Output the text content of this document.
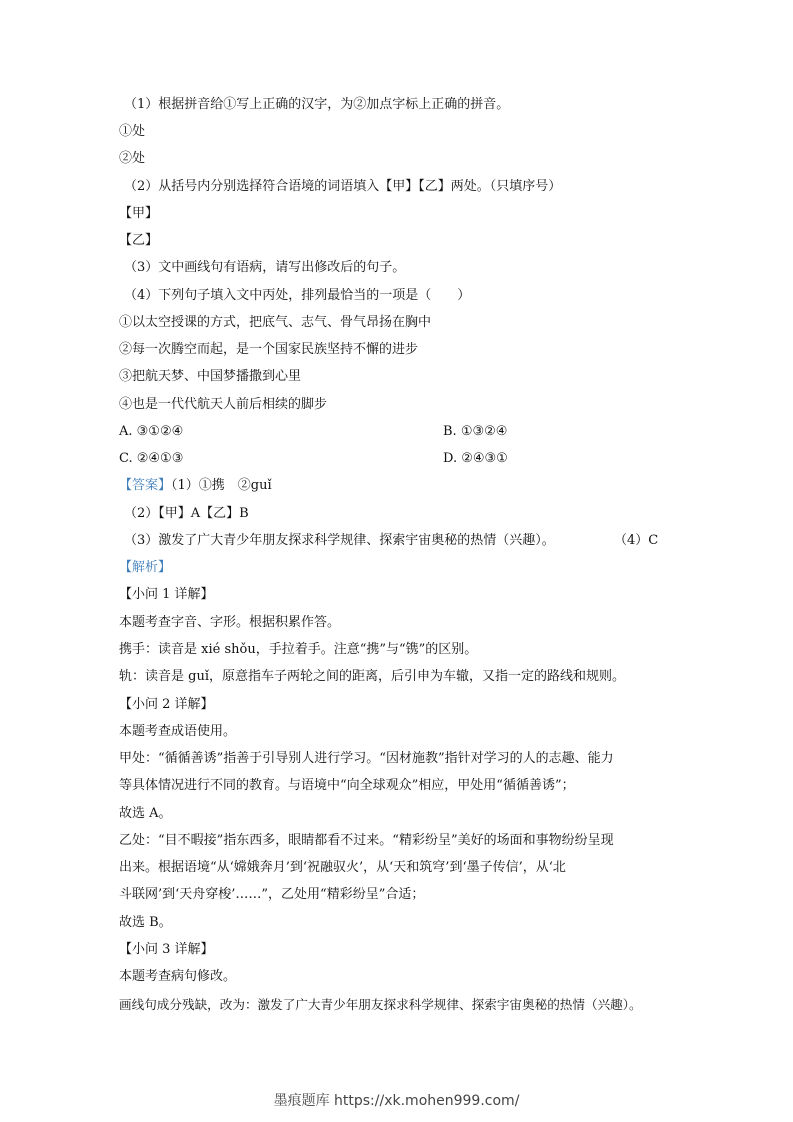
（1）根据拼音给①写上正确的汉字，为②加点字标上正确的拼音。
①处
②处
（2）从括号内分别选择符合语境的词语填入【甲】【乙】两处。（只填序号）
【甲】
【乙】
（3）文中画线句有语病，请写出修改后的句子。
（4）下列句子填入文中丙处，排列最恰当的一项是（　　）
①以太空授课的方式，把底气、志气、骨气昂扬在胸中
②每一次腾空而起，是一个国家民族坚持不懈的进步
③把航天梦、中国梦播撒到心里
④也是一代代航天人前后相续的脚步
A. ③①②④	B. ①③②④
C. ②④①③	D. ②④③①
【答案】（1）①携　②guǐ
（2）【甲】A【乙】B
（3）激发了广大青少年朋友探求科学规律、探索宇宙奥秘的热情（兴趣）。	（4）C
【解析】
【小问 1 详解】
本题考查字音、字形。根据积累作答。
携手：读音是 xié shǒu，手拉着手。注意“携”与“镌”的区别。
轨：读音是 guǐ，原意指车子两轮之间的距离，后引申为车辙，又指一定的路线和规则。
【小问 2 详解】
本题考查成语使用。
甲处：“循循善诱”指善于引导别人进行学习。“因材施教”指针对学习的人的志趣、能力
等具体情况进行不同的教育。与语境中“向全球观众”相应，甲处用“循循善诱”；
故选 A。
乙处：“目不暇接”指东西多，眼睛都看不过来。“精彩纷呈”美好的场面和事物纷纷呈现
出来。根据语境“从‘嫦娥奔月’到‘祝融驭火’，从‘天和筑穹’到‘墨子传信’，从‘北
斗联网’到‘天舟穿梭’……”，乙处用“精彩纷呈”合适；
故选 B。
【小问 3 详解】
本题考查病句修改。
画线句成分残缺，改为：激发了广大青少年朋友探求科学规律、探索宇宙奥秘的热情（兴趣）。
墨痕题库 https://xk.mohen999.com/
